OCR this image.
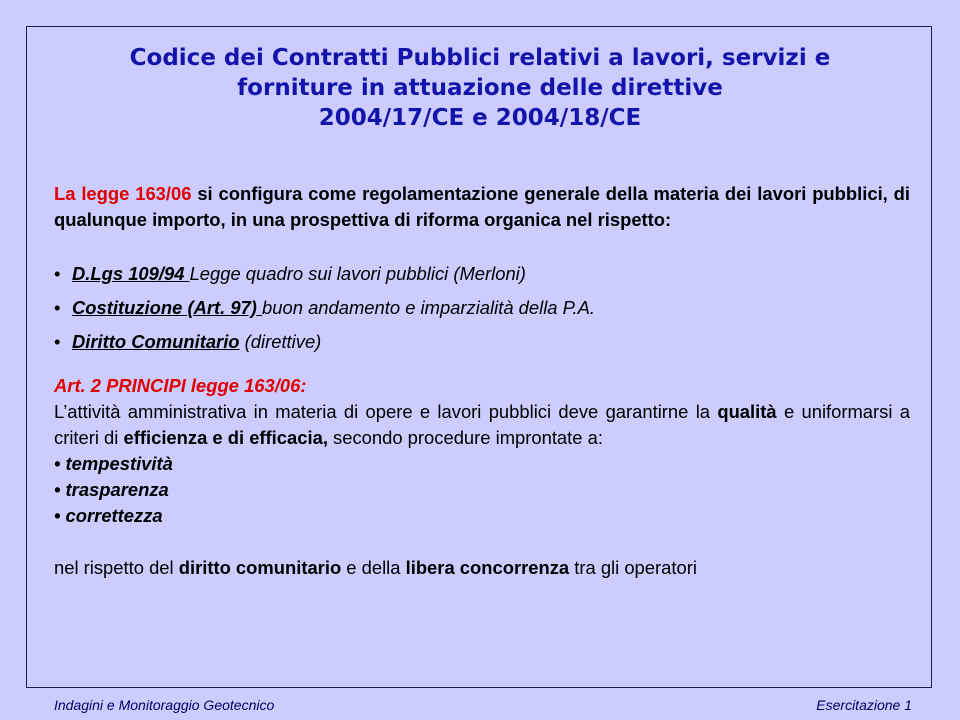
Codice dei Contratti Pubblici relativi a lavori, servizi e
forniture in attuazione delle direttive
2004/17/CE e 2004/18/CE

La legge 163/06 si configura come regolamentazione generale della materia dei lavori pubblici, di qualunque importo, in una prospettiva di riforma organica nel rispetto:

• D.Lgs 109/94 Legge quadro sui lavori pubblici (Merloni)
• Costituzione (Art. 97) buon andamento e imparzialità della P.A.
• Diritto Comunitario (direttive)
Art. 2 PRINCIPI legge 163/06:

L’attività amministrativa in materia di opere e lavori pubblici deve garantirne la qualità e uniformarsi a criteri di efficienza e di efficacia, secondo procedure improntate a:

• tempestività
• trasparenza
• correttezza
nel rispetto del diritto comunitario e della libera concorrenza tra gli operatori
Indagini e Monitoraggio Geotecnico	Esercitazione 1
